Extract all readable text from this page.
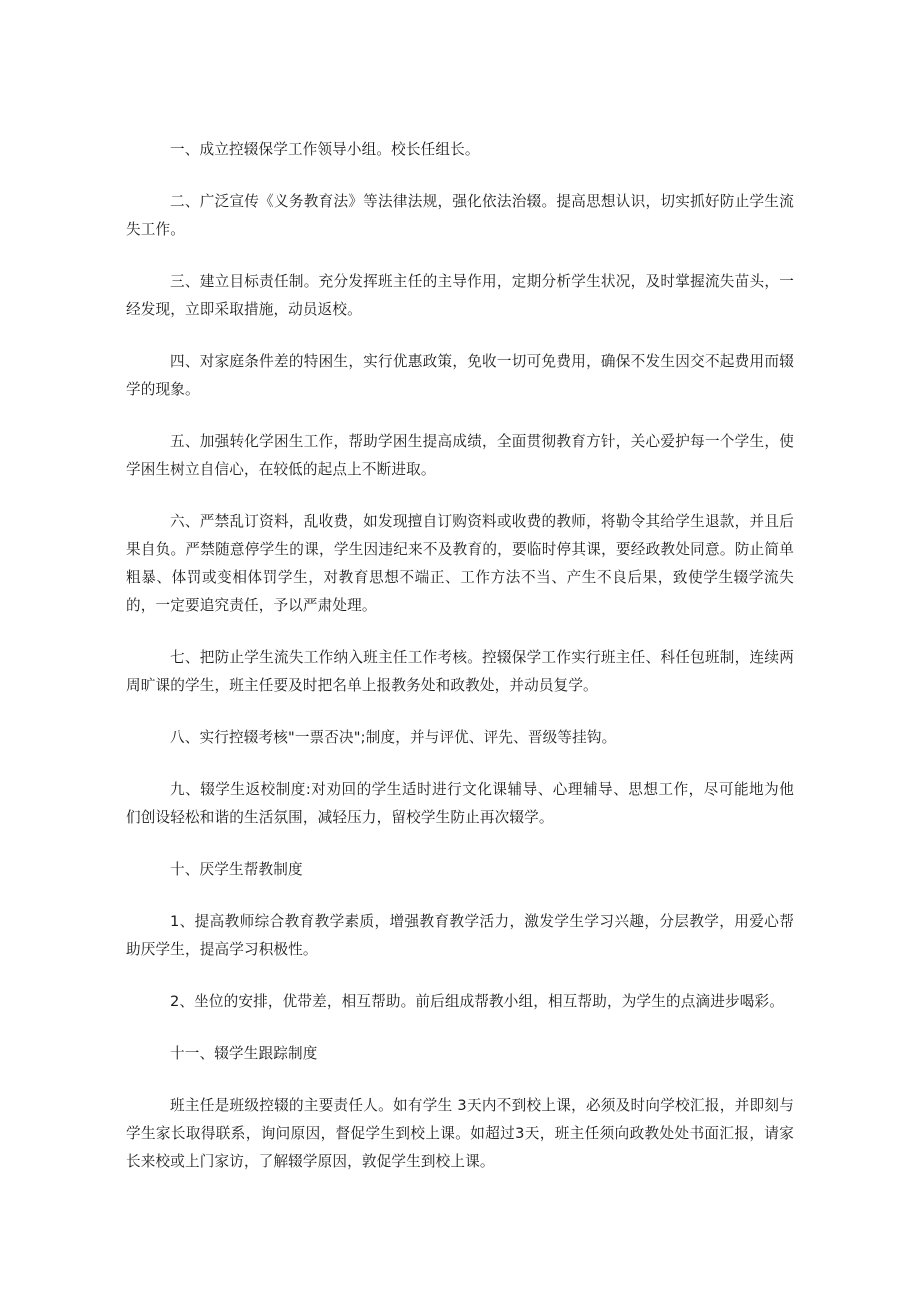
一、成立控辍保学工作领导小组。校长任组长。

二、广泛宣传《义务教育法》等法律法规，强化依法治辍。提高思想认识，切实抓好防止学生流失工作。

三、建立目标责任制。充分发挥班主任的主导作用，定期分析学生状况，及时掌握流失苗头，一经发现，立即采取措施，动员返校。

四、对家庭条件差的特困生，实行优惠政策，免收一切可免费用，确保不发生因交不起费用而辍学的现象。

五、加强转化学困生工作，帮助学困生提高成绩，全面贯彻教育方针，关心爱护每一个学生，使学困生树立自信心，在较低的起点上不断进取。

六、严禁乱订资料，乱收费，如发现擅自订购资料或收费的教师，将勒令其给学生退款，并且后果自负。严禁随意停学生的课，学生因违纪来不及教育的，要临时停其课，要经政教处同意。防止简单粗暴、体罚或变相体罚学生，对教育思想不端正、工作方法不当、产生不良后果，致使学生辍学流失的，一定要追究责任，予以严肃处理。

七、把防止学生流失工作纳入班主任工作考核。控辍保学工作实行班主任、科任包班制，连续两周旷课的学生，班主任要及时把名单上报教务处和政教处，并动员复学。

八、实行控辍考核"一票否决";制度，并与评优、评先、晋级等挂钩。

九、辍学生返校制度:对劝回的学生适时进行文化课辅导、心理辅导、思想工作，尽可能地为他们创设轻松和谐的生活氛围，减轻压力，留校学生防止再次辍学。

十、厌学生帮教制度

1、提高教师综合教育教学素质，增强教育教学活力，激发学生学习兴趣，分层教学，用爱心帮助厌学生，提高学习积极性。

2、坐位的安排，优带差，相互帮助。前后组成帮教小组，相互帮助，为学生的点滴进步喝彩。

十一、辍学生跟踪制度

班主任是班级控辍的主要责任人。如有学生 3天内不到校上课，必须及时向学校汇报，并即刻与学生家长取得联系，询问原因，督促学生到校上课。如超过3天，班主任须向政教处处书面汇报，请家长来校或上门家访，了解辍学原因，敦促学生到校上课。
